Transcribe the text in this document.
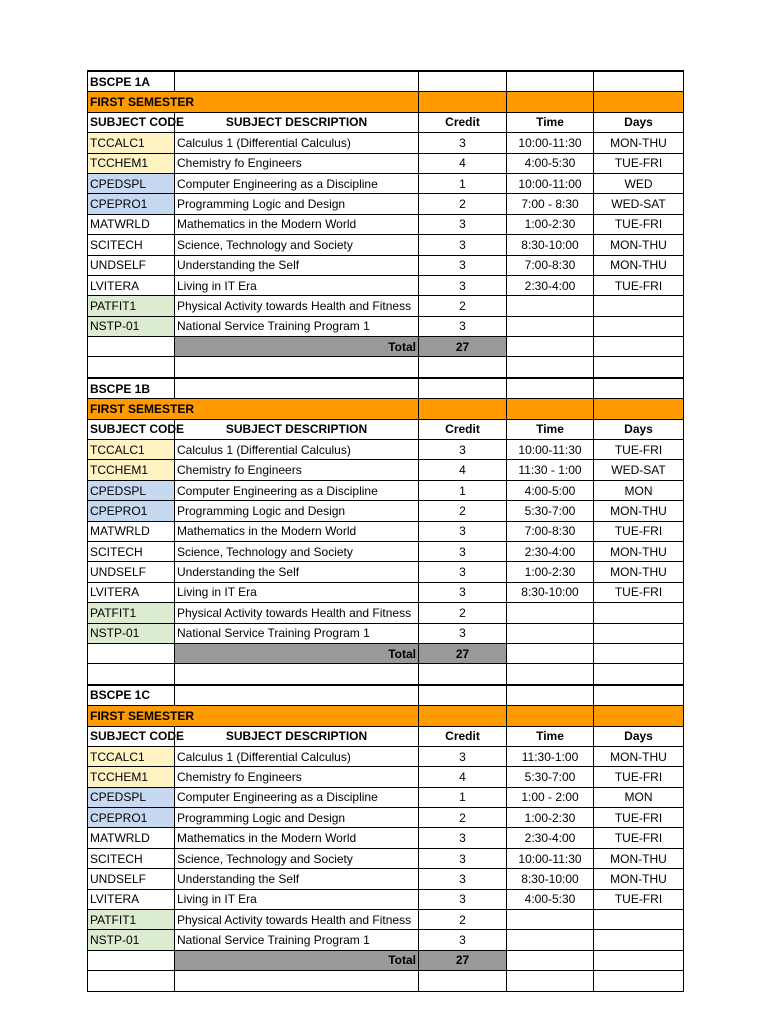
BSCPE 1A				
FIRST SEMESTER				
SUBJECT CODE	SUBJECT DESCRIPTION	Credit	Time	Days
TCCALC1	Calculus 1 (Differential Calculus)	3	10:00-11:30	MON-THU
TCCHEM1	Chemistry fo Engineers	4	4:00-5:30	TUE-FRI
CPEDSPL	Computer Engineering as a Discipline	1	10:00-11:00	WED
CPEPRO1	Programming Logic and Design	2	7:00 - 8:30	WED-SAT
MATWRLD	Mathematics in the Modern World	3	1:00-2:30	TUE-FRI
SCITECH	Science, Technology and Society	3	8:30-10:00	MON-THU
UNDSELF	Understanding the Self	3	7:00-8:30	MON-THU
LVITERA	Living in IT Era	3	2:30-4:00	TUE-FRI
PATFIT1	Physical Activity towards Health and Fitness	2		
NSTP-01	National Service Training Program 1	3		
	Total	27		

BSCPE 1B				
FIRST SEMESTER				
SUBJECT CODE	SUBJECT DESCRIPTION	Credit	Time	Days
TCCALC1	Calculus 1 (Differential Calculus)	3	10:00-11:30	TUE-FRI
TCCHEM1	Chemistry fo Engineers	4	11:30 - 1:00	WED-SAT
CPEDSPL	Computer Engineering as a Discipline	1	4:00-5:00	MON
CPEPRO1	Programming Logic and Design	2	5:30-7:00	MON-THU
MATWRLD	Mathematics in the Modern World	3	7:00-8:30	TUE-FRI
SCITECH	Science, Technology and Society	3	2:30-4:00	MON-THU
UNDSELF	Understanding the Self	3	1:00-2:30	MON-THU
LVITERA	Living in IT Era	3	8:30-10:00	TUE-FRI
PATFIT1	Physical Activity towards Health and Fitness	2		
NSTP-01	National Service Training Program 1	3		
	Total	27		

BSCPE 1C				
FIRST SEMESTER				
SUBJECT CODE	SUBJECT DESCRIPTION	Credit	Time	Days
TCCALC1	Calculus 1 (Differential Calculus)	3	11:30-1:00	MON-THU
TCCHEM1	Chemistry fo Engineers	4	5:30-7:00	TUE-FRI
CPEDSPL	Computer Engineering as a Discipline	1	1:00 - 2:00	MON
CPEPRO1	Programming Logic and Design	2	1:00-2:30	TUE-FRI
MATWRLD	Mathematics in the Modern World	3	2:30-4:00	TUE-FRI
SCITECH	Science, Technology and Society	3	10:00-11:30	MON-THU
UNDSELF	Understanding the Self	3	8:30-10:00	MON-THU
LVITERA	Living in IT Era	3	4:00-5:30	TUE-FRI
PATFIT1	Physical Activity towards Health and Fitness	2		
NSTP-01	National Service Training Program 1	3		
	Total	27		
